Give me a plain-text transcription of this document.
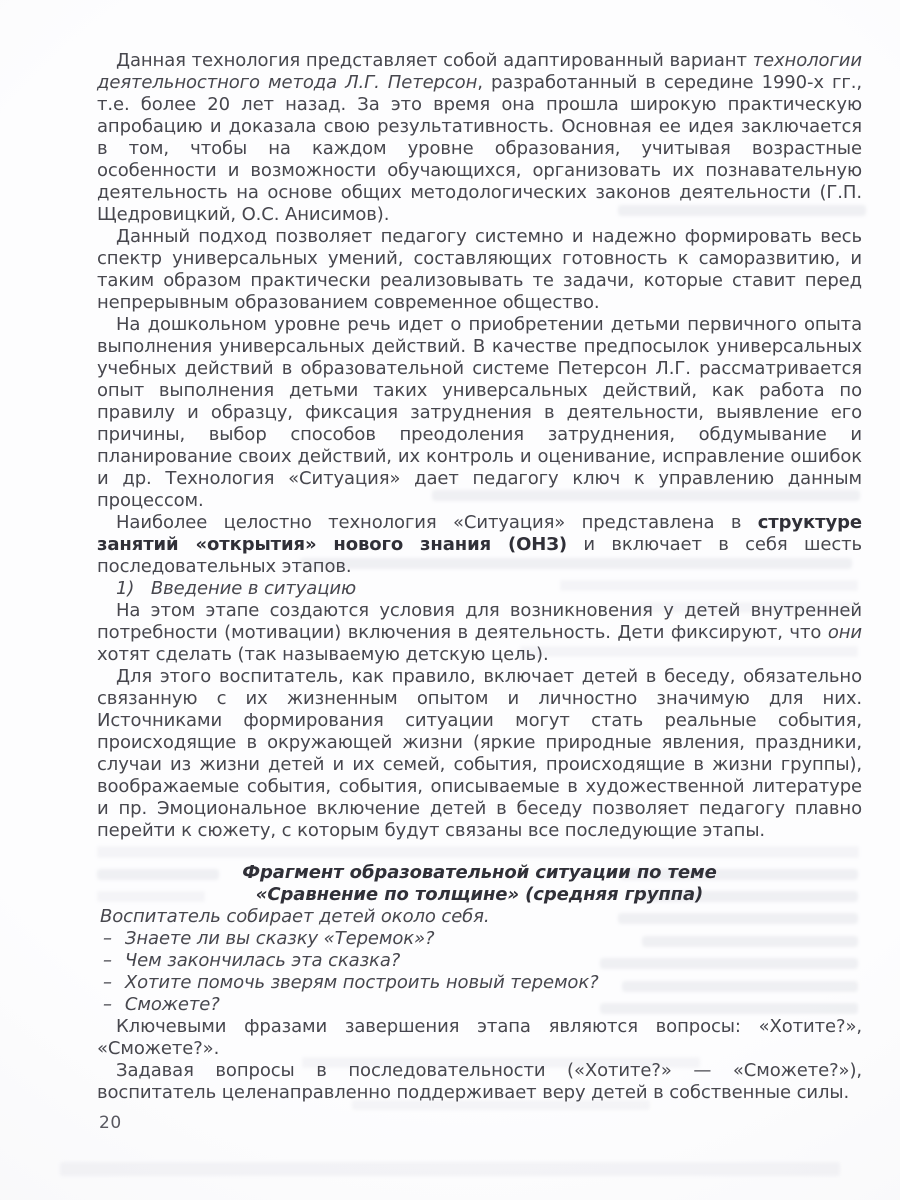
Данная технология представляет собой адаптированный вариант технологии деятельностного метода Л.Г. Петерсон, разработанный в середине 1990-х гг., т.е. более 20 лет назад. За это время она прошла широкую практическую апробацию и доказала свою результативность. Основная ее идея заключается в том, чтобы на каждом уровне образования, учитывая возрастные особенности и возможности обучающихся, организовать их познавательную деятельность на основе общих методологических законов деятельности (Г.П. Щедровицкий, О.С. Анисимов).

Данный подход позволяет педагогу системно и надежно формировать весь спектр универсальных умений, составляющих готовность к саморазвитию, и таким образом практически реализовывать те задачи, которые ставит перед непрерывным образованием современное общество.

На дошкольном уровне речь идет о приобретении детьми первичного опыта выполнения универсальных действий. В качестве предпосылок универсальных учебных действий в образовательной системе Петерсон Л.Г. рассматривается опыт выполнения детьми таких универсальных действий, как работа по правилу и образцу, фиксация затруднения в деятельности, выявление его причины, выбор способов преодоления затруднения, обдумывание и планирование своих действий, их контроль и оценивание, исправление ошибок и др. Технология «Ситуация» дает педагогу ключ к управлению данным процессом.

Наиболее целостно технология «Ситуация» представлена в структуре занятий «открытия» нового знания (ОНЗ) и включает в себя шесть последовательных этапов.

1) Введение в ситуацию

На этом этапе создаются условия для возникновения у детей внутренней потребности (мотивации) включения в деятельность. Дети фиксируют, что они хотят сделать (так называемую детскую цель).

Для этого воспитатель, как правило, включает детей в беседу, обязательно связанную с их жизненным опытом и личностно значимую для них. Источниками формирования ситуации могут стать реальные события, происходящие в окружающей жизни (яркие природные явления, праздники, случаи из жизни детей и их семей, события, происходящие в жизни группы), воображаемые события, события, описываемые в художественной литературе и пр. Эмоциональное включение детей в беседу позволяет педагогу плавно перейти к сюжету, с которым будут связаны все последующие этапы.

Фрагмент образовательной ситуации по теме
«Сравнение по толщине» (средняя группа)

Воспитатель собирает детей около себя.

– Знаете ли вы сказку «Теремок»?

– Чем закончилась эта сказка?

– Хотите помочь зверям построить новый теремок?

– Сможете?

Ключевыми фразами завершения этапа являются вопросы: «Хотите?», «Сможете?».

Задавая вопросы в последовательности («Хотите?» — «Сможете?»), воспитатель целенаправленно поддерживает веру детей в собственные силы.

20
